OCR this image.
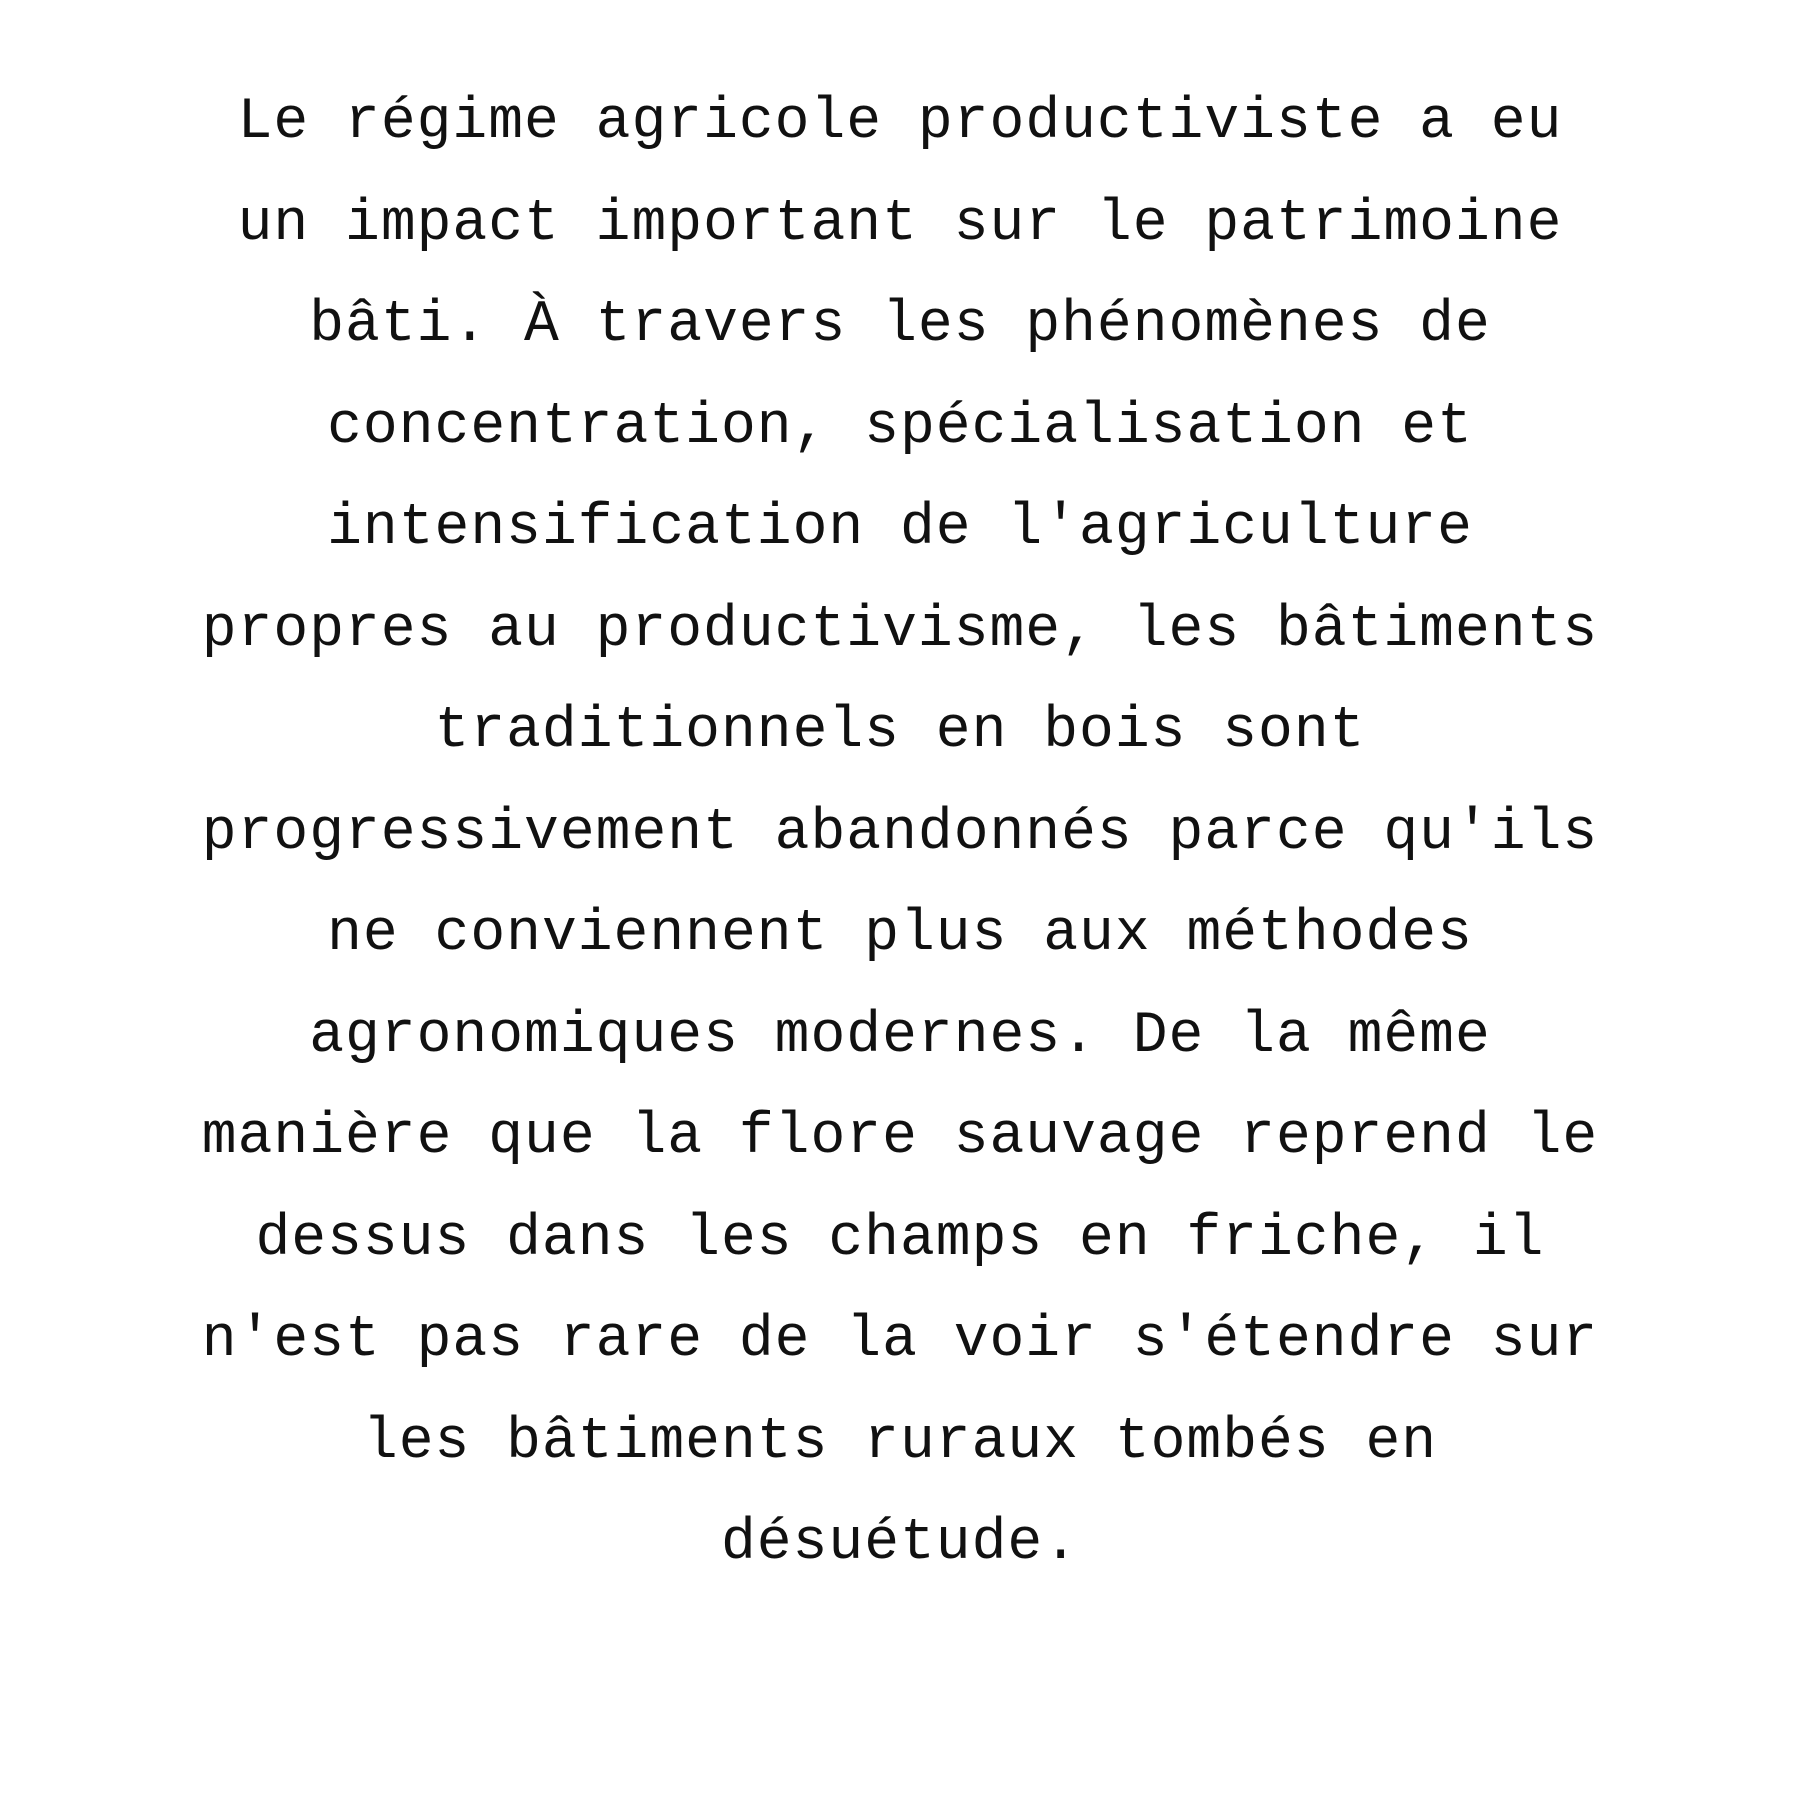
Le régime agricole productiviste a eu
un impact important sur le patrimoine
bâti. À travers les phénomènes de
concentration, spécialisation et
intensification de l'agriculture
propres au productivisme, les bâtiments
traditionnels en bois sont
progressivement abandonnés parce qu'ils
ne conviennent plus aux méthodes
agronomiques modernes. De la même
manière que la flore sauvage reprend le
dessus dans les champs en friche, il
n'est pas rare de la voir s'étendre sur
les bâtiments ruraux tombés en
désuétude.
